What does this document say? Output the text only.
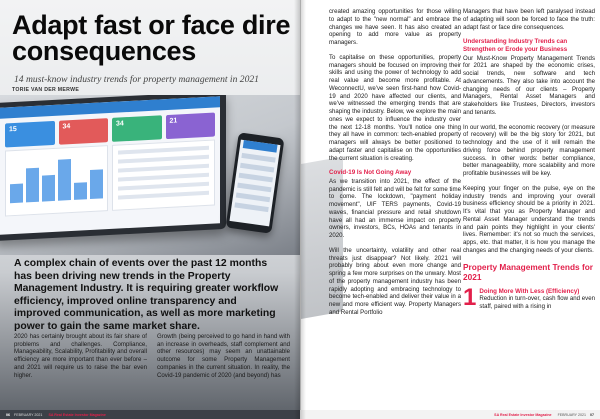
15	34	34	21
Adapt fast or face dire consequences
14 must-know industry trends for property management in 2021
TORIE VAN DER MERWE
A complex chain of events over the past 12 months has been driving new trends in the Property Management Industry. It is requiring greater workflow efficiency, improved online transparency and improved communication, as well as more marketing power to gain the same market share.
2020 has certainly brought about its fair share of problems and challenges. Compliance, Manageability, Scalability, Profitability and overall efficiency are more important than ever before – and 2021 will require us to raise the bar even higher.
Growth (being perceived to go hand in hand with an increase in overheads, staff complement and other resources) may seem an unattainable outcome for some Property Management companies in the current situation. In reality, the Covid-19 pandemic of 2020 (and beyond) has
06 FEBRUARY 2021 SA Real Estate Investor Magazine

created amazing opportunities for those willing to adapt to the "new normal" and embrace the changes we have seen. It has also created an opening to add more value as property managers.

To capitalise on these opportunities, property managers should be focused on improving their skills and using the power of technology to add real value and become more profitable. At WeconnectU, we've seen first-hand how Covid-19 and 2020 have affected our clients, and we've witnessed the emerging trends that are shaping the industry. Below, we explore the main ones we expect to influence the industry over the next 12-18 months. You'll notice one thing they all have in common: tech-enabled property managers will always be better positioned to adapt faster and capitalise on the opportunities the current situation is creating.

Covid-19 Is Not Going Away

As we transition into 2021, the effect of the pandemic is still felt and will be felt for some time to come. The lockdown, "payment holiday movement", UIF TERS payments, Covid-19 waves, financial pressure and retail shutdown have all had an immense impact on property owners, investors, BCs, HOAs and tenants in 2020.

Will the uncertainty, volatility and other real threats just disappear? Not likely. 2021 will probably bring about even more change and spring a few more surprises on the unwary. Most of the property management industry has been rapidly adopting and embracing technology to become tech-enabled and deliver their value in a new and more efficient way. Property Managers and Rental Portfolio

Managers that have been left paralysed instead of adapting will soon be forced to face the truth: adapt fast or face dire consequences.

Understanding Industry Trends can Strengthen or Erode your Business

Our Must-Know Property Management Trends for 2021 are shaped by the economic crises, social trends, new software and tech advancements. They also take into account the changing needs of our clients – Property Managers, Rental Asset Managers and stakeholders like Trustees, Directors, investors and tenants.

In our world, the economic recovery (or measure of recovery) will be the big story for 2021, but technology and the use of it will remain the driving force behind property management success. In other words: better compliance, better manageability, more scalability and more profitable businesses will be key.

Keeping your finger on the pulse, eye on the industry trends and improving your overall business efficiency should be a priority in 2021. It's vital that you as Property Manager and Rental Asset Manager understand the trends and pain points they highlight in your clients' lives. Remember: it's not so much the services, apps, etc. that matter, it is how you manage the changes and the changing needs of your clients.

Property Management Trends for 2021
1 Doing More With Less (Efficiency)

Reduction in turn-over, cash flow and even staff, paired with a rising in

SA Real Estate Investor Magazine FEBRUARY 2021 07
